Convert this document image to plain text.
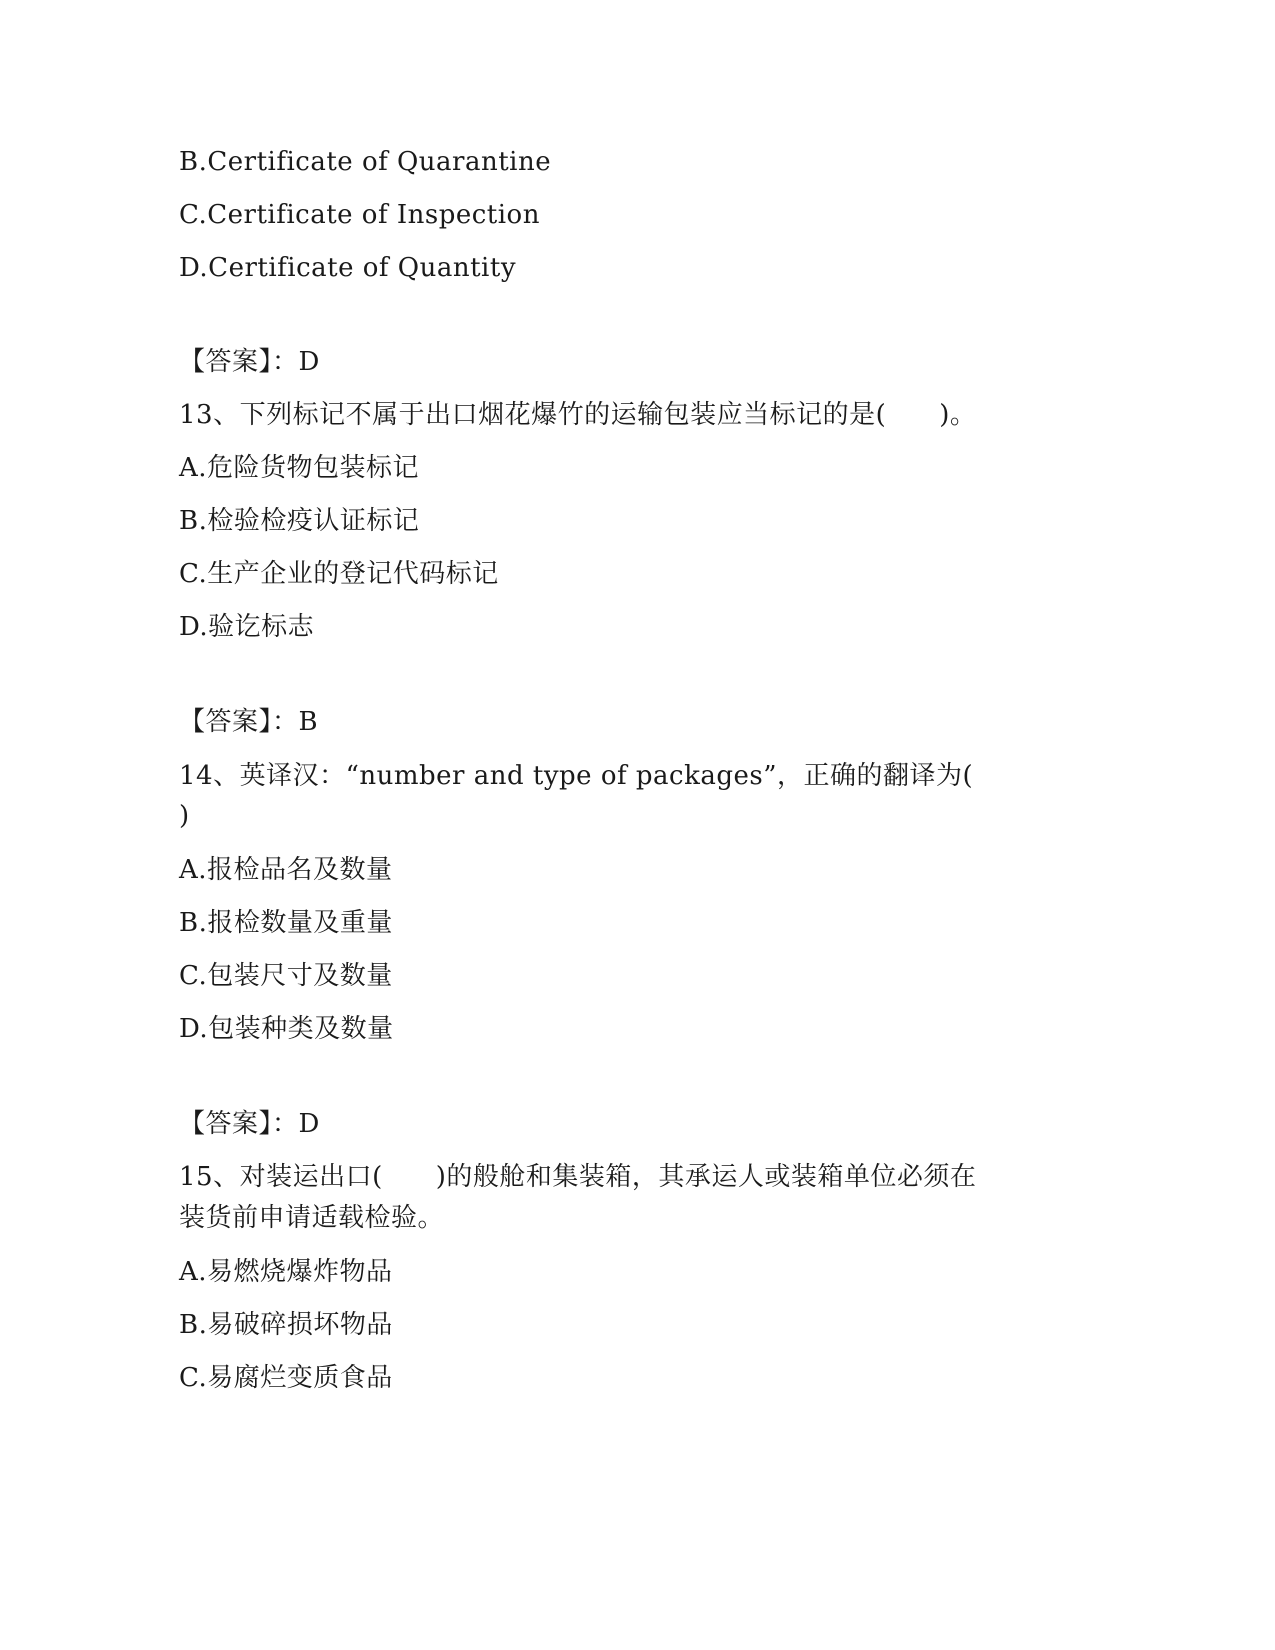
B.Certificate of Quarantine
C.Certificate of Inspection
D.Certificate of Quantity
【答案】：D
13、下列标记不属于出口烟花爆竹的运输包装应当标记的是(　　)。
A.危险货物包装标记
B.检验检疫认证标记
C.生产企业的登记代码标记
D.验讫标志
【答案】：B
14、英译汉：“number and type of packages”，正确的翻译为(
)
A.报检品名及数量
B.报检数量及重量
C.包装尺寸及数量
D.包装种类及数量
【答案】：D
15、对装运出口(　　)的般舱和集装箱，其承运人或装箱单位必须在
装货前申请适载检验。
A.易燃烧爆炸物品
B.易破碎损坏物品
C.易腐烂变质食品
